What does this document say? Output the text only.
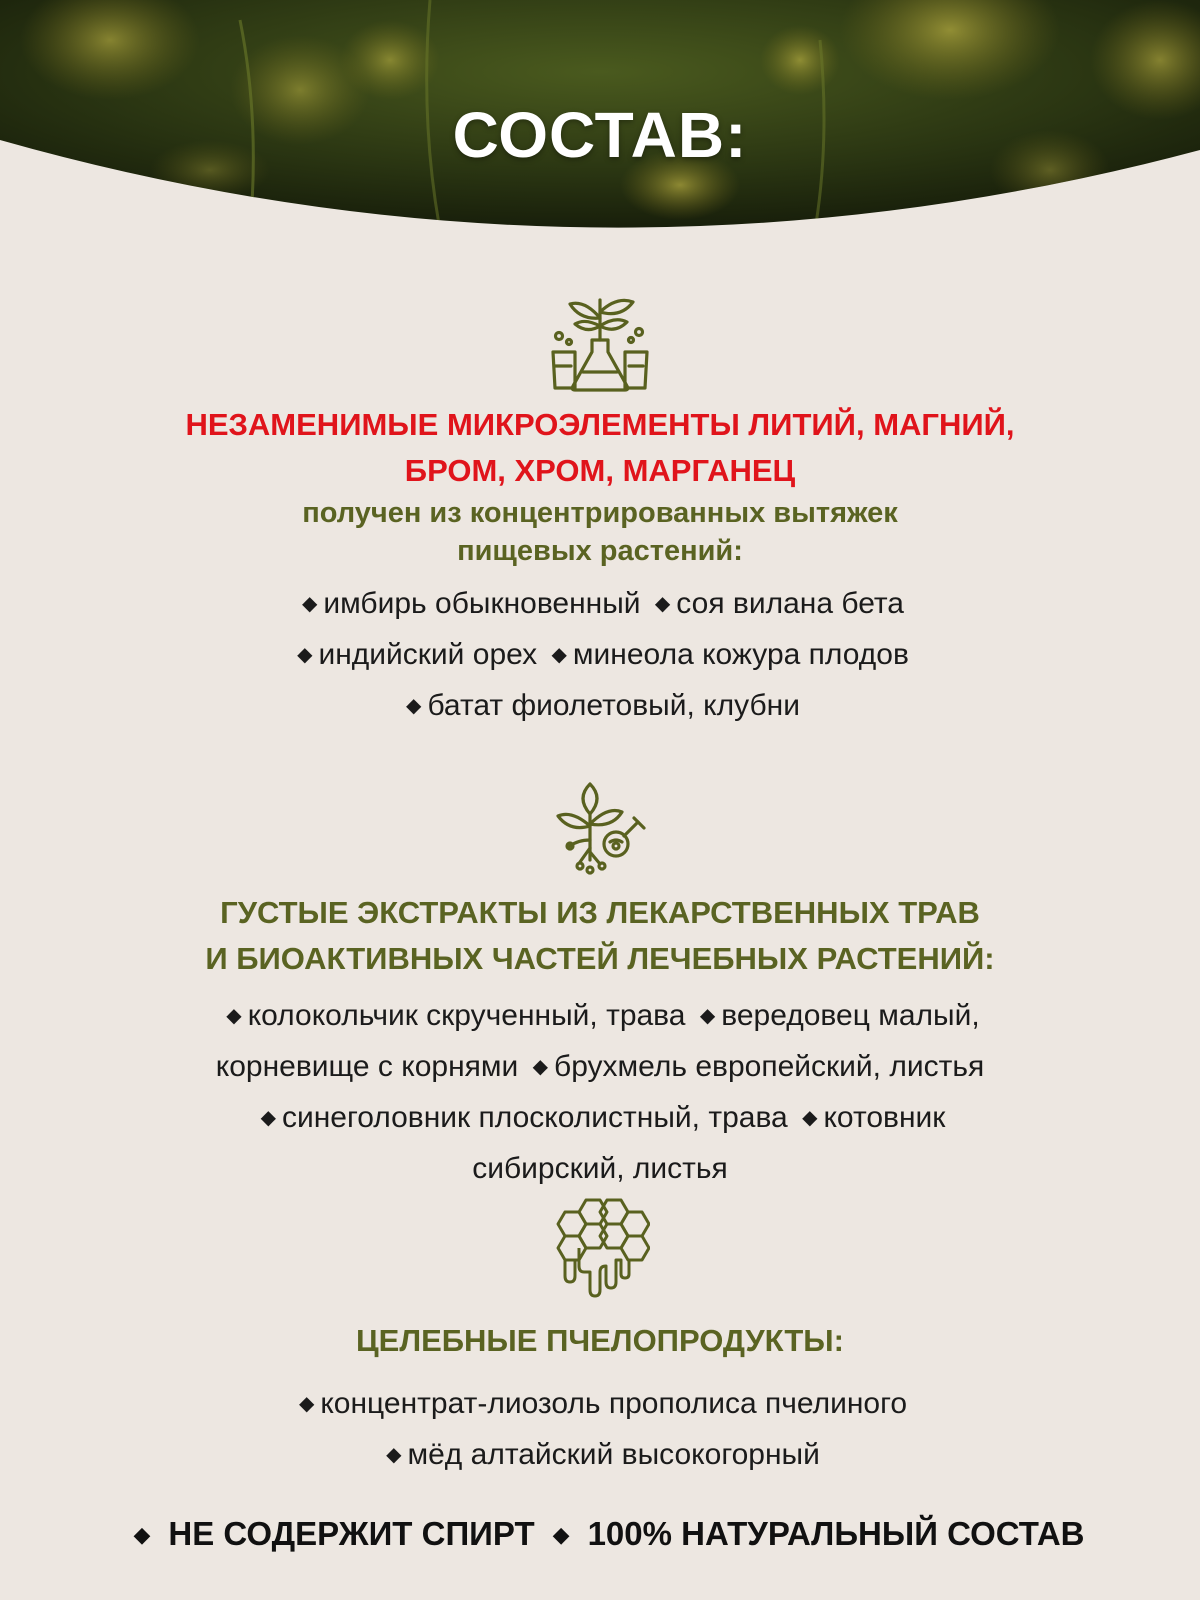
СОСТАВ:
НЕЗАМЕНИМЫЕ МИКРОЭЛЕМЕНТЫ ЛИТИЙ, МАГНИЙ,
БРОМ, ХРОМ, МАРГАНЕЦ
получен из концентрированных вытяжек
пищевых растений:
◆ имбирь обыкновенный ◆ соя вилана бета
◆ индийский орех ◆ минеола кожура плодов
◆ батат фиолетовый, клубни
ГУСТЫЕ ЭКСТРАКТЫ ИЗ ЛЕКАРСТВЕННЫХ ТРАВ
И БИОАКТИВНЫХ ЧАСТЕЙ ЛЕЧЕБНЫХ РАСТЕНИЙ:
◆ колокольчик скрученный, трава ◆ вередовец малый,
корневище с корнями ◆ брухмель европейский, листья
◆ синеголовник плосколистный, трава ◆ котовник
сибирский, листья
ЦЕЛЕБНЫЕ ПЧЕЛОПРОДУКТЫ:
◆ концентрат-лиозоль прополиса пчелиного
◆ мёд алтайский высокогорный
◆ НЕ СОДЕРЖИТ СПИРТ ◆ 100% НАТУРАЛЬНЫЙ СОСТАВ
